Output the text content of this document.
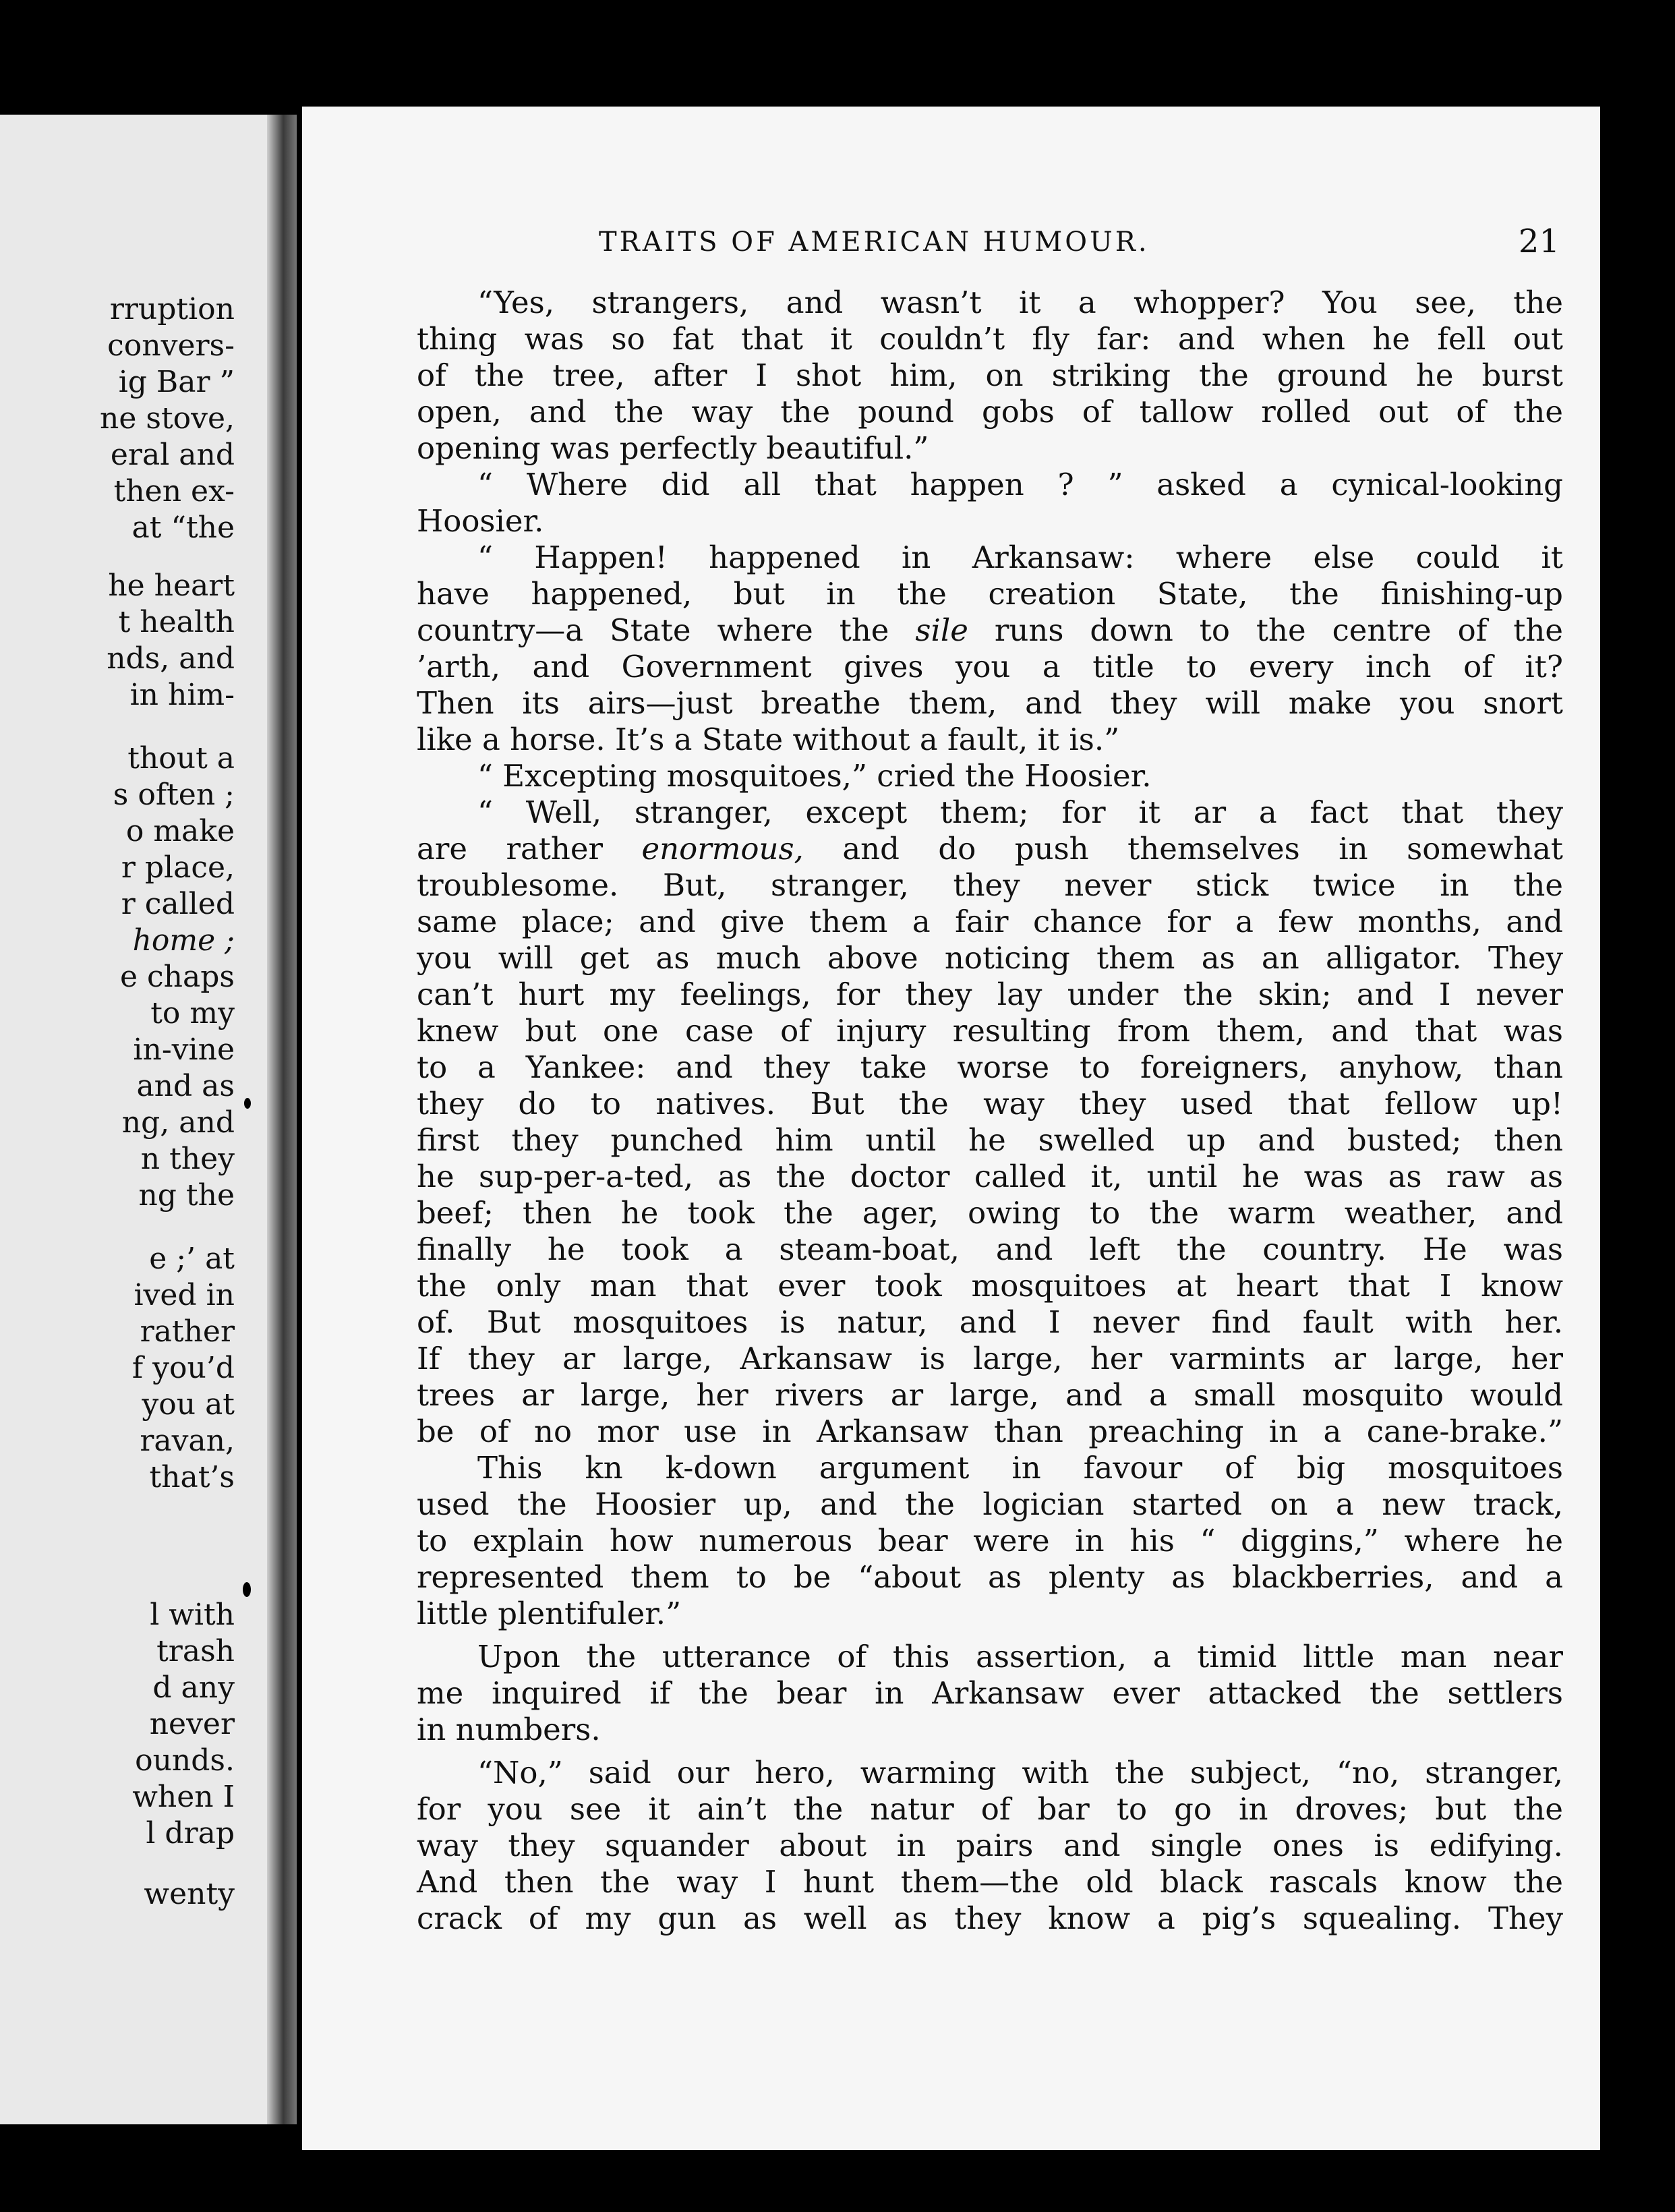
rruption
convers-
ig Bar ”
ne stove,
eral and
then ex-
at “the
he heart
t health
nds, and
in him-
thout a
s often ;
o make
r place,
r called
home ;
e chaps
to my
in-vine
and as
ng, and
n they
ng the
e ;’ at
ived in
rather
f you’d
you at
ravan,
that’s
l with
trash
d any
never
ounds.
when I
l drap
wenty
TRAITS OF AMERICAN HUMOUR.	21
“Yes, strangers, and wasn’t it a whopper? You see, the
thing was so fat that it couldn’t fly far: and when he fell out
of the tree, after I shot him, on striking the ground he burst
open, and the way the pound gobs of tallow rolled out of the
opening was perfectly beautiful.”
“ Where did all that happen ? ” asked a cynical-looking
Hoosier.
“ Happen! happened in Arkansaw: where else could it
have happened, but in the creation State, the finishing-up
country—a State where the sile runs down to the centre of the
’arth, and Government gives you a title to every inch of it?
Then its airs—just breathe them, and they will make you snort
like a horse. It’s a State without a fault, it is.”
“ Excepting mosquitoes,” cried the Hoosier.
“ Well, stranger, except them; for it ar a fact that they
are rather enormous, and do push themselves in somewhat
troublesome. But, stranger, they never stick twice in the
same place; and give them a fair chance for a few months, and
you will get as much above noticing them as an alligator. They
can’t hurt my feelings, for they lay under the skin; and I never
knew but one case of injury resulting from them, and that was
to a Yankee: and they take worse to foreigners, anyhow, than
they do to natives. But the way they used that fellow up!
first they punched him until he swelled up and busted; then
he sup-per-a-ted, as the doctor called it, until he was as raw as
beef; then he took the ager, owing to the warm weather, and
finally he took a steam-boat, and left the country. He was
the only man that ever took mosquitoes at heart that I know
of. But mosquitoes is natur, and I never find fault with her.
If they ar large, Arkansaw is large, her varmints ar large, her
trees ar large, her rivers ar large, and a small mosquito would
be of no mor use in Arkansaw than preaching in a cane-brake.”
This kn k-down argument in favour of big mosquitoes
used the Hoosier up, and the logician started on a new track,
to explain how numerous bear were in his “ diggins,” where he
represented them to be “about as plenty as blackberries, and a
little plentifuler.”
Upon the utterance of this assertion, a timid little man near
me inquired if the bear in Arkansaw ever attacked the settlers
in numbers.
“No,” said our hero, warming with the subject, “no, stranger,
for you see it ain’t the natur of bar to go in droves; but the
way they squander about in pairs and single ones is edifying.
And then the way I hunt them—the old black rascals know the
crack of my gun as well as they know a pig’s squealing. They
